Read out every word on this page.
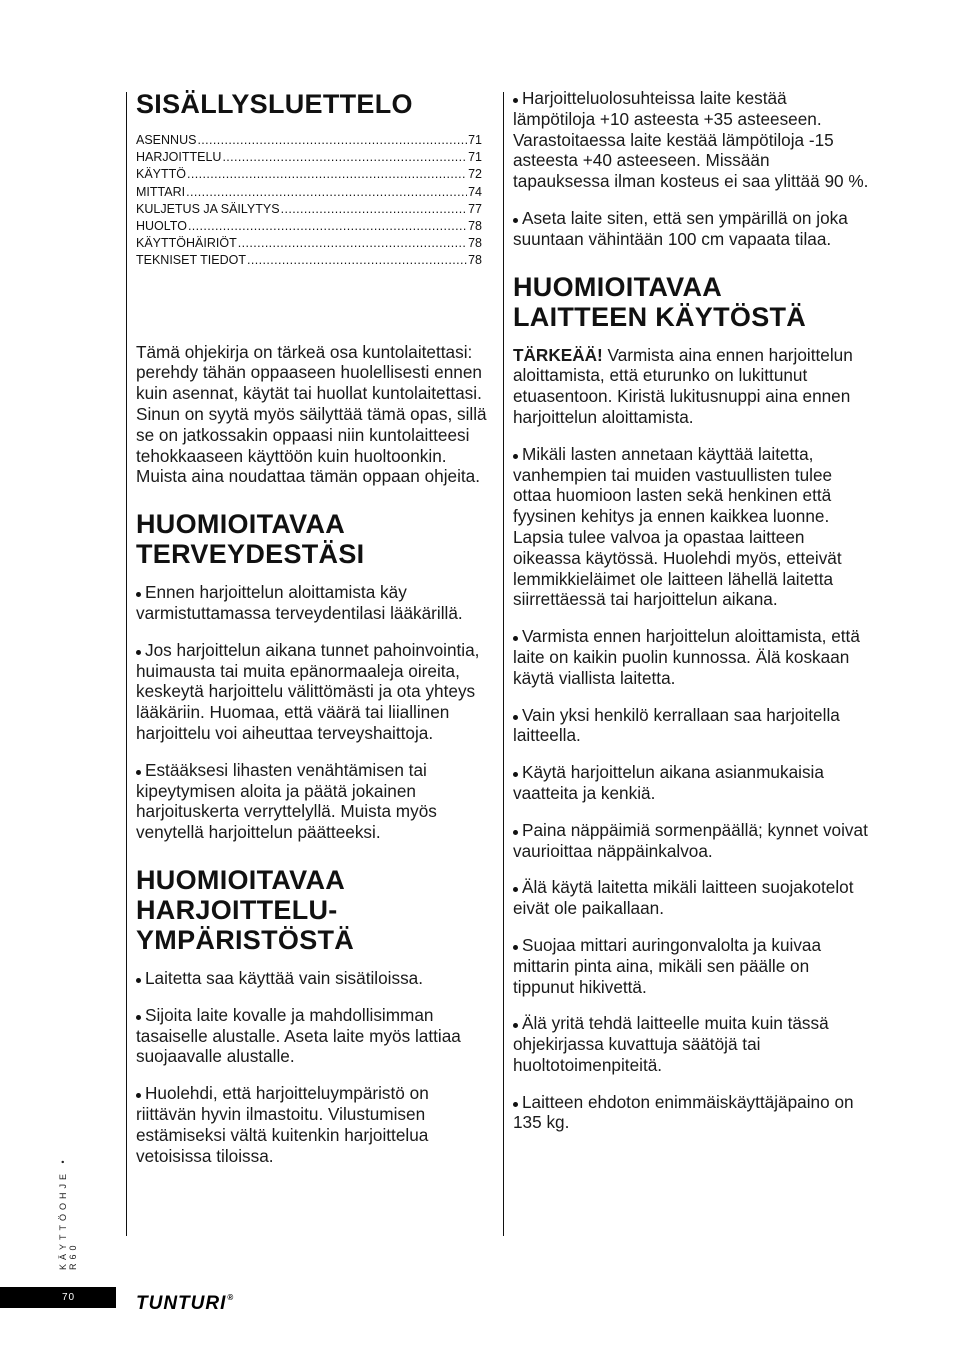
SISÄLLYSLUETTELO
ASENNUS .....	71
HARJOITTELU .....	71
KÄYTTÖ .....	72
MITTARI .....	74
KULJETUS JA SÄILYTYS .....	77
HUOLTO .....	78
KÄYTTÖHÄIRIÖT .....	78
TEKNISET TIEDOT .....	78

Tämä ohjekirja on tärkeä osa kuntolaitettasi: perehdy tähän oppaaseen huolellisesti ennen kuin asennat, käytät tai huollat kuntolaitettasi. Sinun on syytä myös säilyttää tämä opas, sillä se on jatkossakin oppaasi niin kuntolaitteesi tehokkaaseen käyttöön kuin huoltoonkin. Muista aina noudattaa tämän oppaan ohjeita.

HUOMIOITAVAA
TERVEYDESTÄSI

Ennen harjoittelun aloittamista käy varmistuttamassa terveydentilasi lääkärillä.

Jos harjoittelun aikana tunnet pahoinvointia, huimausta tai muita epänormaaleja oireita, keskeytä harjoittelu välittömästi ja ota yhteys lääkäriin. Huomaa, että väärä tai liiallinen harjoittelu voi aiheuttaa terveyshaittoja.

Estääksesi lihasten venähtämisen tai kipeytymisen aloita ja päätä jokainen harjoituskerta verryttelyllä. Muista myös venytellä harjoittelun päätteeksi.

HUOMIOITAVAA
HARJOITTELU-
YMPÄRISTÖSTÄ

Laitetta saa käyttää vain sisätiloissa.

Sijoita laite kovalle ja mahdollisimman tasaiselle alustalle. Aseta laite myös lattiaa suojaavalle alustalle.

Huolehdi, että harjoitteluympäristö on riittävän hyvin ilmastoitu. Vilustumisen estämiseksi vältä kuitenkin harjoittelua vetoisissa tiloissa.

Harjoitteluolosuhteissa laite kestää lämpötiloja +10 asteesta +35 asteeseen. Varastoitaessa laite kestää lämpötiloja -15 asteesta +40 asteeseen. Missään tapauksessa ilman kosteus ei saa ylittää 90 %.

Aseta laite siten, että sen ympärillä on joka suuntaan vähintään 100 cm vapaata tilaa.

HUOMIOITAVAA
LAITTEEN KÄYTÖSTÄ

TÄRKEÄÄ! Varmista aina ennen harjoittelun aloittamista, että eturunko on lukittunut etuasentoon. Kiristä lukitusnuppi aina ennen harjoittelun aloittamista.

Mikäli lasten annetaan käyttää laitetta, vanhempien tai muiden vastuullisten tulee ottaa huomioon lasten sekä henkinen että fyysinen kehitys ja ennen kaikkea luonne. Lapsia tulee valvoa ja opastaa laitteen oikeassa käytössä. Huolehdi myös, etteivät lemmikkieläimet ole laitteen lähellä laitetta siirrettäessä tai harjoittelun aikana.

Varmista ennen harjoittelun aloittamista, että laite on kaikin puolin kunnossa. Älä koskaan käytä viallista laitetta.

Vain yksi henkilö kerrallaan saa harjoitella laitteella.

Käytä harjoittelun aikana asianmukaisia vaatteita ja kenkiä.

Paina näppäimiä sormenpäällä; kynnet voivat vaurioittaa näppäinkalvoa.

Älä käytä laitetta mikäli laitteen suojakotelot eivät ole paikallaan.

Suojaa mittari auringonvalolta ja kuivaa mittarin pinta aina, mikäli sen päälle on tippunut hikivettä.

Älä yritä tehdä laitteelle muita kuin tässä ohjekirjassa kuvattuja säätöjä tai huoltotoimenpiteitä.

Laitteen ehdoton enimmäiskäyttäjäpaino on 135 kg.

KÄYTTÖOHJE • R60
70	TUNTURI®
